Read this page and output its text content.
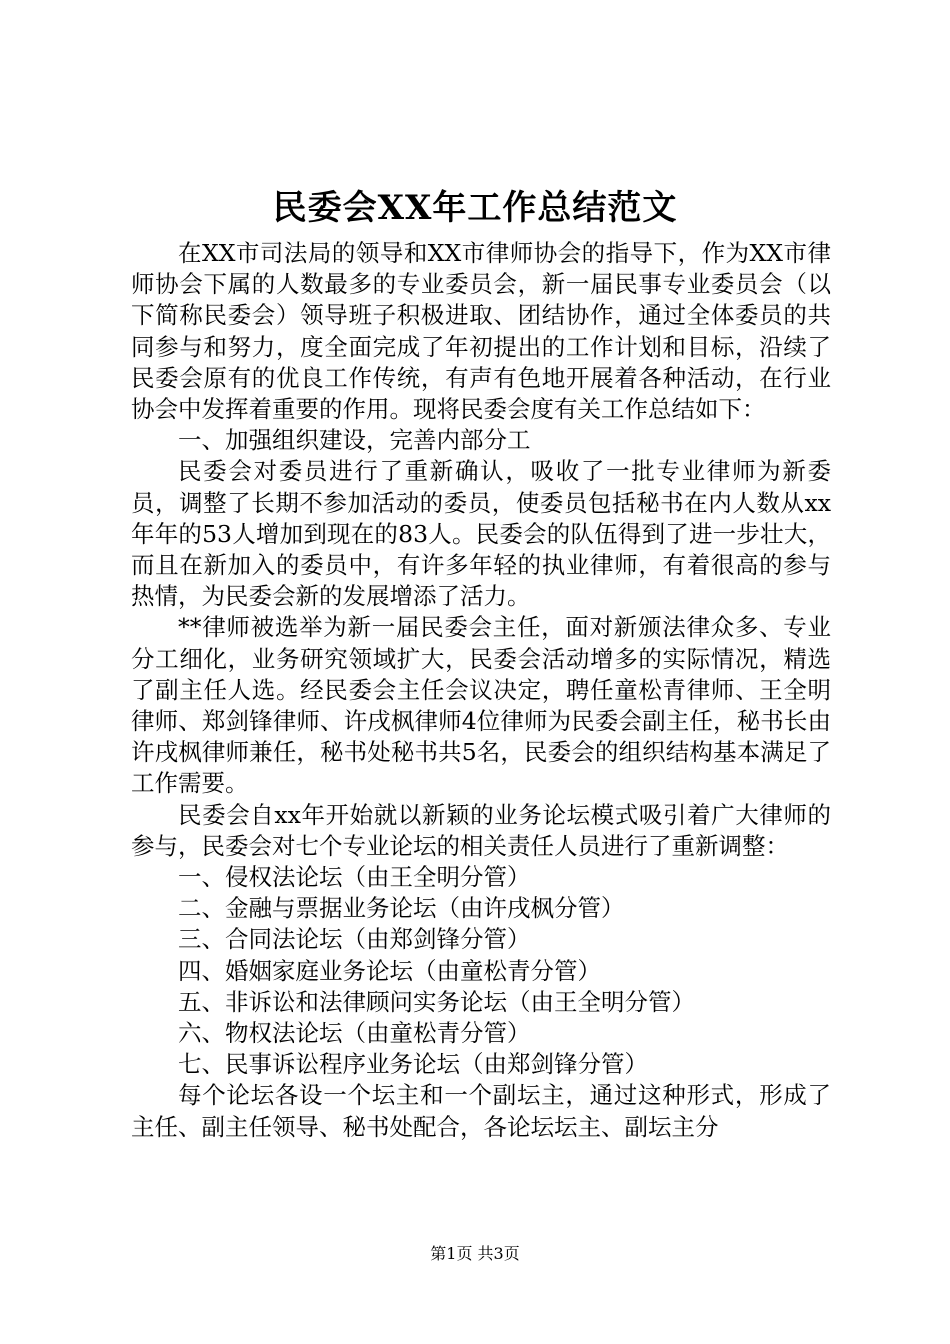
民委会XX年工作总结范文

在XX市司法局的领导和XX市律师协会的指导下，作为XX市律师协会下属的人数最多的专业委员会，新一届民事专业委员会（以下简称民委会）领导班子积极进取、团结协作，通过全体委员的共同参与和努力，度全面完成了年初提出的工作计划和目标，沿续了民委会原有的优良工作传统，有声有色地开展着各种活动，在行业协会中发挥着重要的作用。现将民委会度有关工作总结如下：

一、加强组织建设，完善内部分工

民委会对委员进行了重新确认，吸收了一批专业律师为新委员，调整了长期不参加活动的委员，使委员包括秘书在内人数从xx年年的53人增加到现在的83人。民委会的队伍得到了进一步壮大，而且在新加入的委员中，有许多年轻的执业律师，有着很高的参与热情，为民委会新的发展增添了活力。

**律师被选举为新一届民委会主任，面对新颁法律众多、专业分工细化，业务研究领域扩大，民委会活动增多的实际情况，精选了副主任人选。经民委会主任会议决定，聘任童松青律师、王全明律师、郑剑锋律师、许戌枫律师4位律师为民委会副主任，秘书长由许戌枫律师兼任，秘书处秘书共5名，民委会的组织结构基本满足了工作需要。

民委会自xx年开始就以新颖的业务论坛模式吸引着广大律师的参与，民委会对七个专业论坛的相关责任人员进行了重新调整：

一、侵权法论坛（由王全明分管）

二、金融与票据业务论坛（由许戌枫分管）

三、合同法论坛（由郑剑锋分管）

四、婚姻家庭业务论坛（由童松青分管）

五、非诉讼和法律顾问实务论坛（由王全明分管）

六、物权法论坛（由童松青分管）

七、民事诉讼程序业务论坛（由郑剑锋分管）

每个论坛各设一个坛主和一个副坛主，通过这种形式，形成了主任、副主任领导、秘书处配合，各论坛坛主、副坛主分

第1页 共3页
